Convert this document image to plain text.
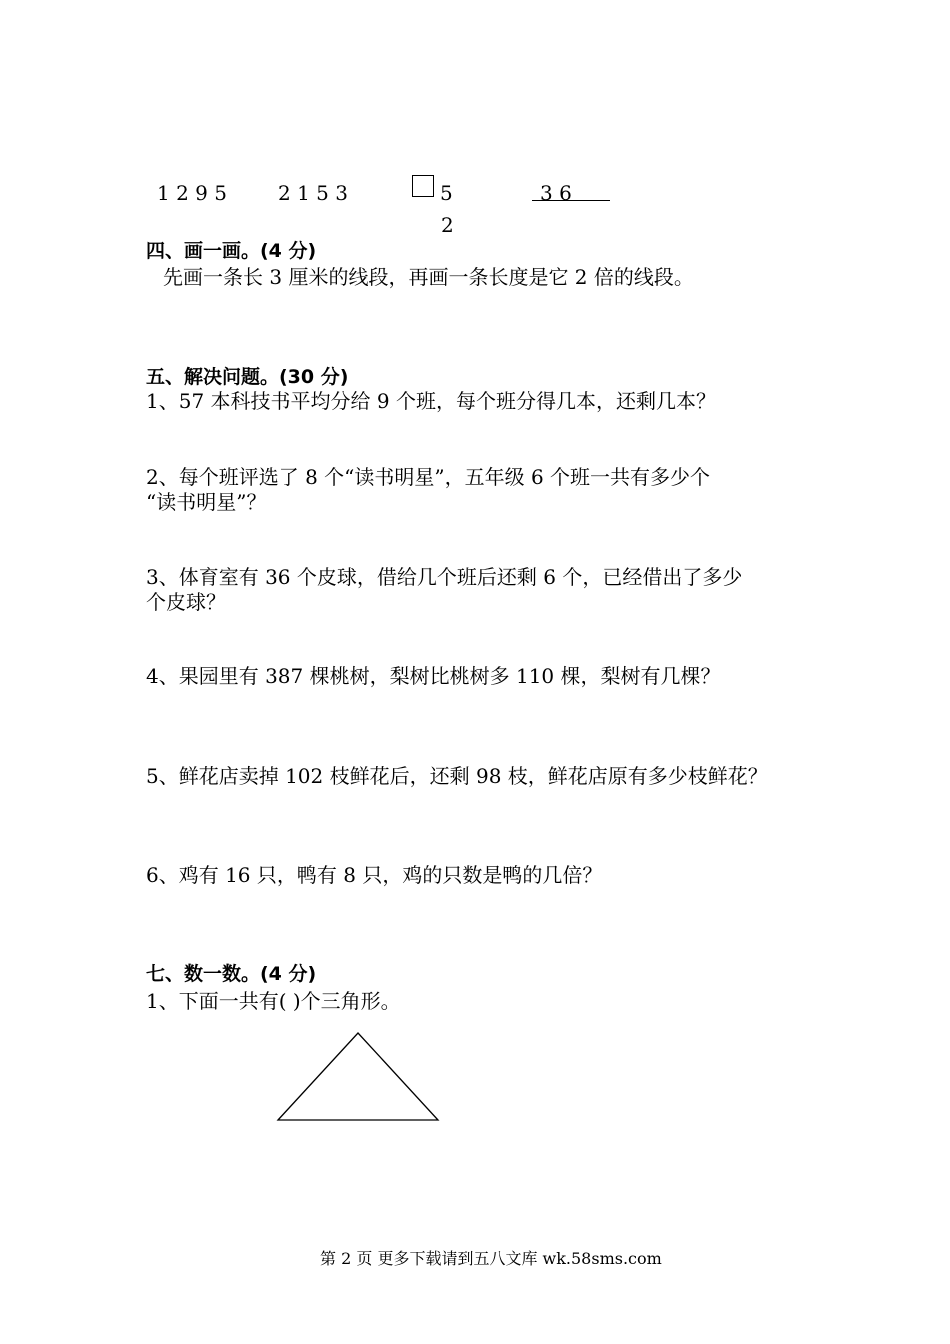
1 2 9 5	2 1 5 3	5
2
3 6
四、画一画。(4 分)
先画一条长 3 厘米的线段，再画一条长度是它 2 倍的线段。
五、解决问题。(30 分)
1、57 本科技书平均分给 9 个班，每个班分得几本，还剩几本？
2、每个班评选了 8 个“读书明星”，五年级 6 个班一共有多少个
“读书明星”？
3、体育室有 36 个皮球，借给几个班后还剩 6 个，已经借出了多少
个皮球？
4、果园里有 387 棵桃树，梨树比桃树多 110 棵，梨树有几棵？
5、鲜花店卖掉 102 枝鲜花后，还剩 98 枝，鲜花店原有多少枝鲜花？
6、鸡有 16 只，鸭有 8 只，鸡的只数是鸭的几倍？
七、数一数。(4 分)
1、下面一共有( )个三角形。
第 2 页 更多下载请到五八文库 wk.58sms.com
